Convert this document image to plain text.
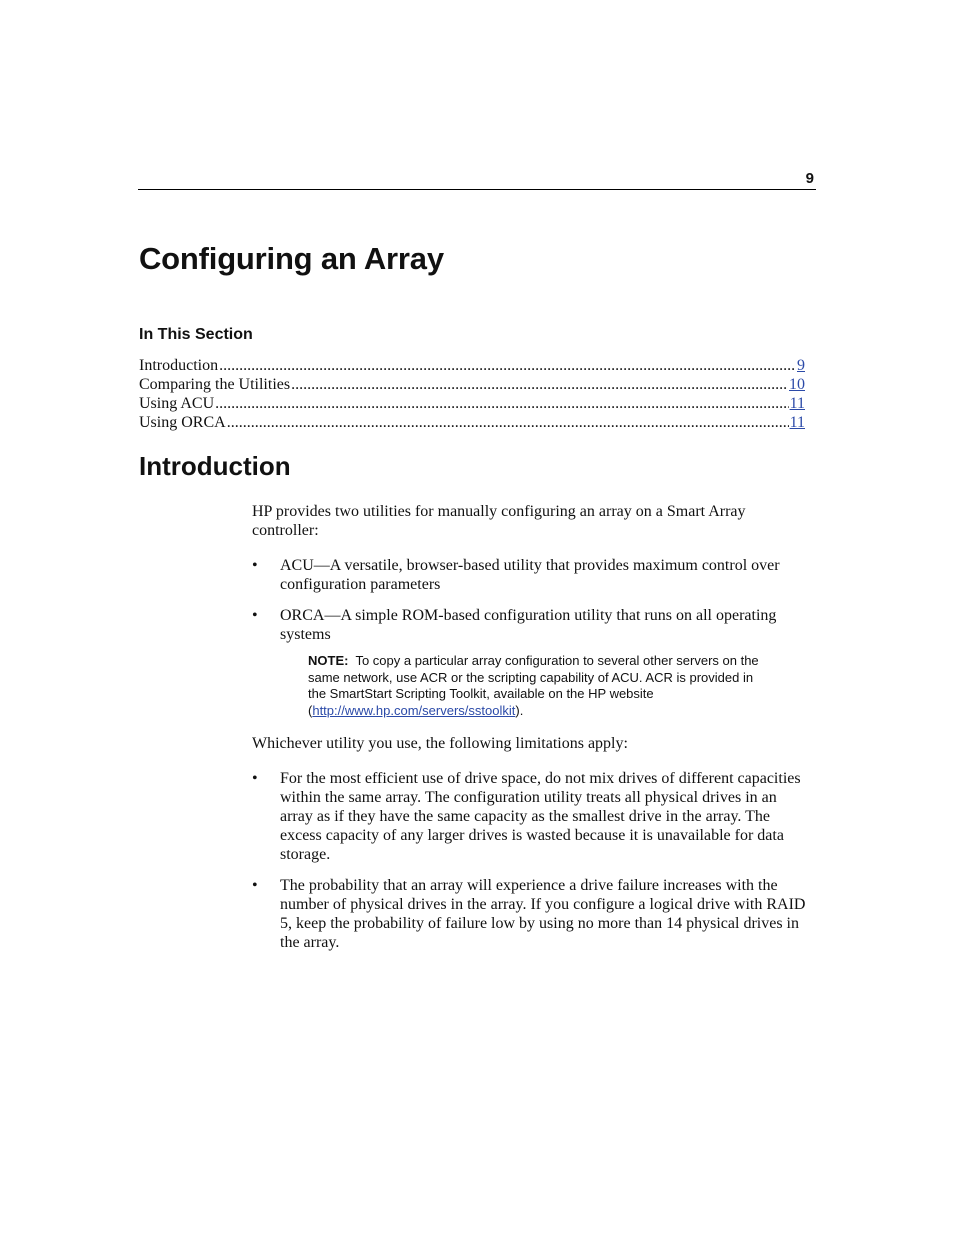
9
Configuring an Array
In This Section
Introduction .....	9
Comparing the Utilities .....	10
Using ACU .....	11
Using ORCA .....	11
Introduction

HP provides two utilities for manually configuring an array on a Smart Array controller:

• ACU—A versatile, browser-based utility that provides maximum control over configuration parameters
• ORCA—A simple ROM-based configuration utility that runs on all operating systems
NOTE: To copy a particular array configuration to several other servers on the same network, use ACR or the scripting capability of ACU. ACR is provided in the SmartStart Scripting Toolkit, available on the HP website (http://www.hp.com/servers/sstoolkit).

Whichever utility you use, the following limitations apply:

• For the most efficient use of drive space, do not mix drives of different capacities within the same array. The configuration utility treats all physical drives in an array as if they have the same capacity as the smallest drive in the array. The excess capacity of any larger drives is wasted because it is unavailable for data storage.
• The probability that an array will experience a drive failure increases with the number of physical drives in the array. If you configure a logical drive with RAID 5, keep the probability of failure low by using no more than 14 physical drives in the array.
